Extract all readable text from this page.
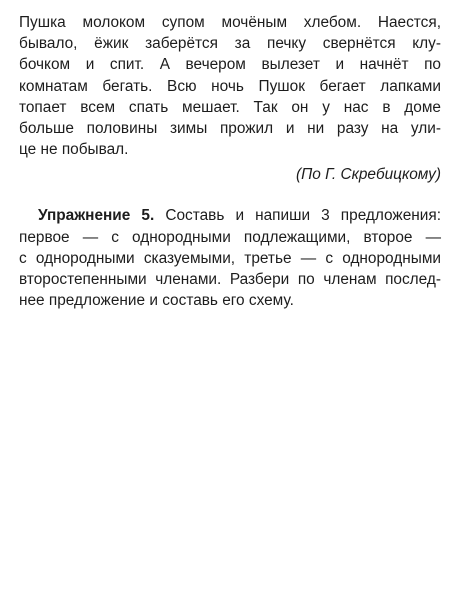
Пушка молоком супом мочёным хлебом. Наестся,
бывало, ёжик заберётся за печку свернётся клу-
бочком и спит. А вечером вылезет и начнёт по
комнатам бегать. Всю ночь Пушок бегает лапками
топает всем спать мешает. Так он у нас в доме
больше половины зимы прожил и ни разу на ули-
це не побывал.

(По Г. Скребицкому)

Упражнение 5. Составь и напиши 3 предложения:
первое — с однородными подлежащими, второе —
с однородными сказуемыми, третье — с однородными
второстепенными членами. Разбери по членам послед-
нее предложение и составь его схему.
